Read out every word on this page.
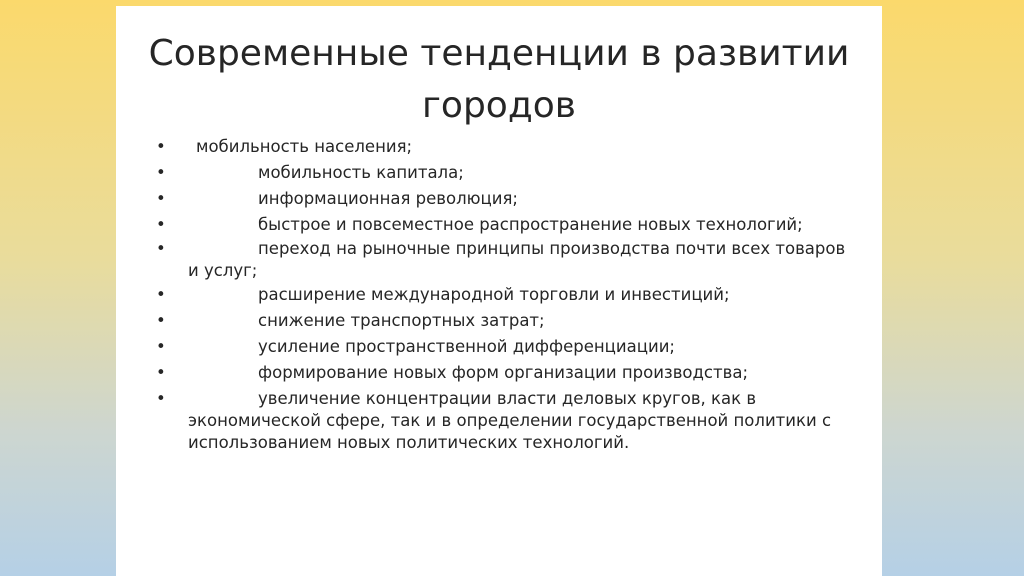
Современные тенденции в развитии
городов
•	мобильность населения;
•	мобильность капитала;
•	информационная революция;
•	быстрое и повсеместное распространение новых технологий;
•	переход на рыночные принципы производства почти всех товаров и услуг;
•	расширение международной торговли и инвестиций;
•	снижение транспортных затрат;
•	усиление пространственной дифференциации;
•	формирование новых форм организации производства;
•	увеличение концентрации власти деловых кругов, как в экономической сфере, так и в определении государственной политики с использованием новых политических технологий.
